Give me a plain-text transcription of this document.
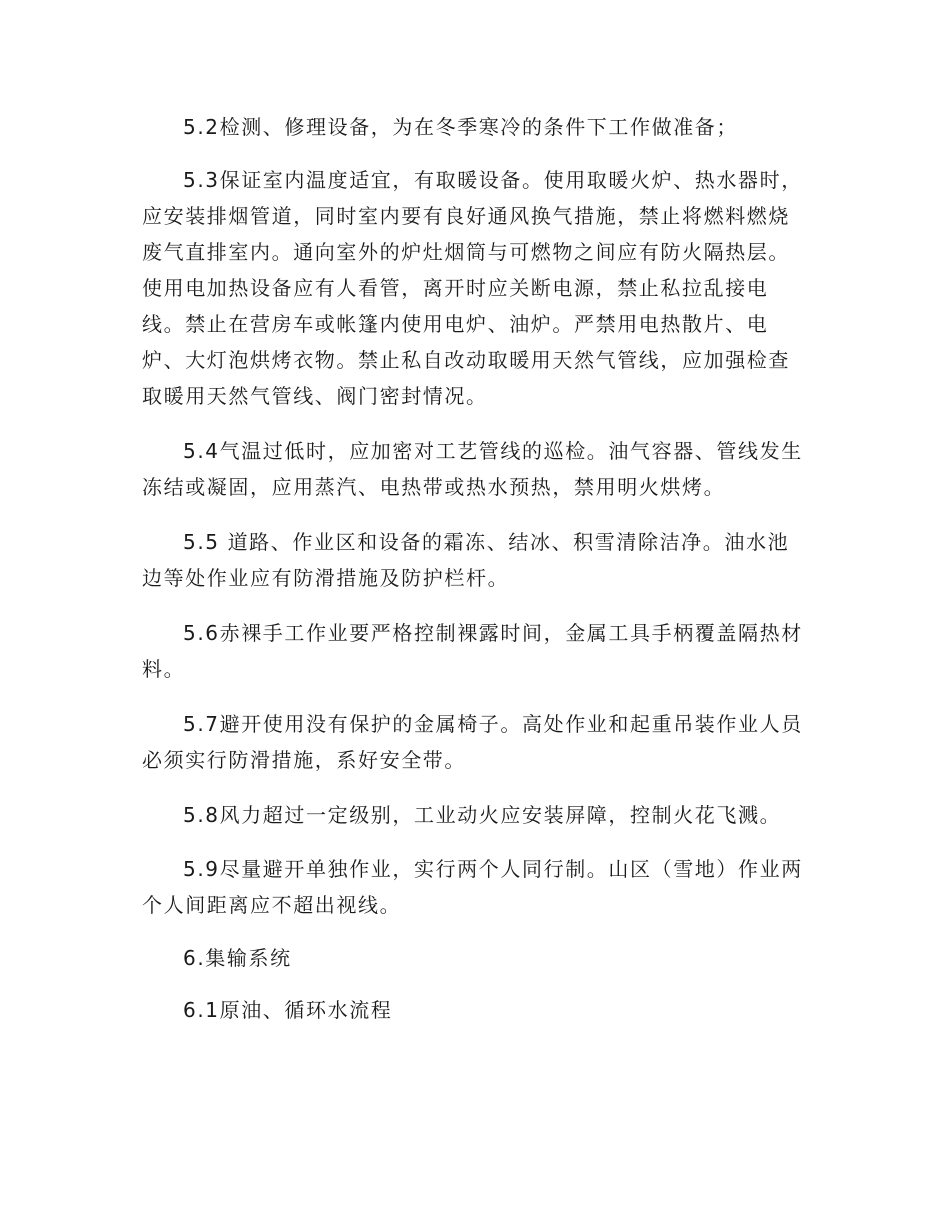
5.2检测、修理设备，为在冬季寒冷的条件下工作做准备；
5.3保证室内温度适宜，有取暖设备。使用取暖火炉、热水器时，
应安装排烟管道，同时室内要有良好通风换气措施，禁止将燃料燃烧
废气直排室内。通向室外的炉灶烟筒与可燃物之间应有防火隔热层。
使用电加热设备应有人看管，离开时应关断电源，禁止私拉乱接电
线。禁止在营房车或帐篷内使用电炉、油炉。严禁用电热散片、电
炉、大灯泡烘烤衣物。禁止私自改动取暖用天然气管线，应加强检查
取暖用天然气管线、阀门密封情况。
5.4气温过低时，应加密对工艺管线的巡检。油气容器、管线发生
冻结或凝固，应用蒸汽、电热带或热水预热，禁用明火烘烤。
5.5 道路、作业区和设备的霜冻、结冰、积雪清除洁净。油水池
边等处作业应有防滑措施及防护栏杆。
5.6赤裸手工作业要严格控制裸露时间，金属工具手柄覆盖隔热材
料。
5.7避开使用没有保护的金属椅子。高处作业和起重吊装作业人员
必须实行防滑措施，系好安全带。
5.8风力超过一定级别，工业动火应安装屏障，控制火花飞溅。
5.9尽量避开单独作业，实行两个人同行制。山区（雪地）作业两
个人间距离应不超出视线。
6.集输系统
6.1原油、循环水流程
